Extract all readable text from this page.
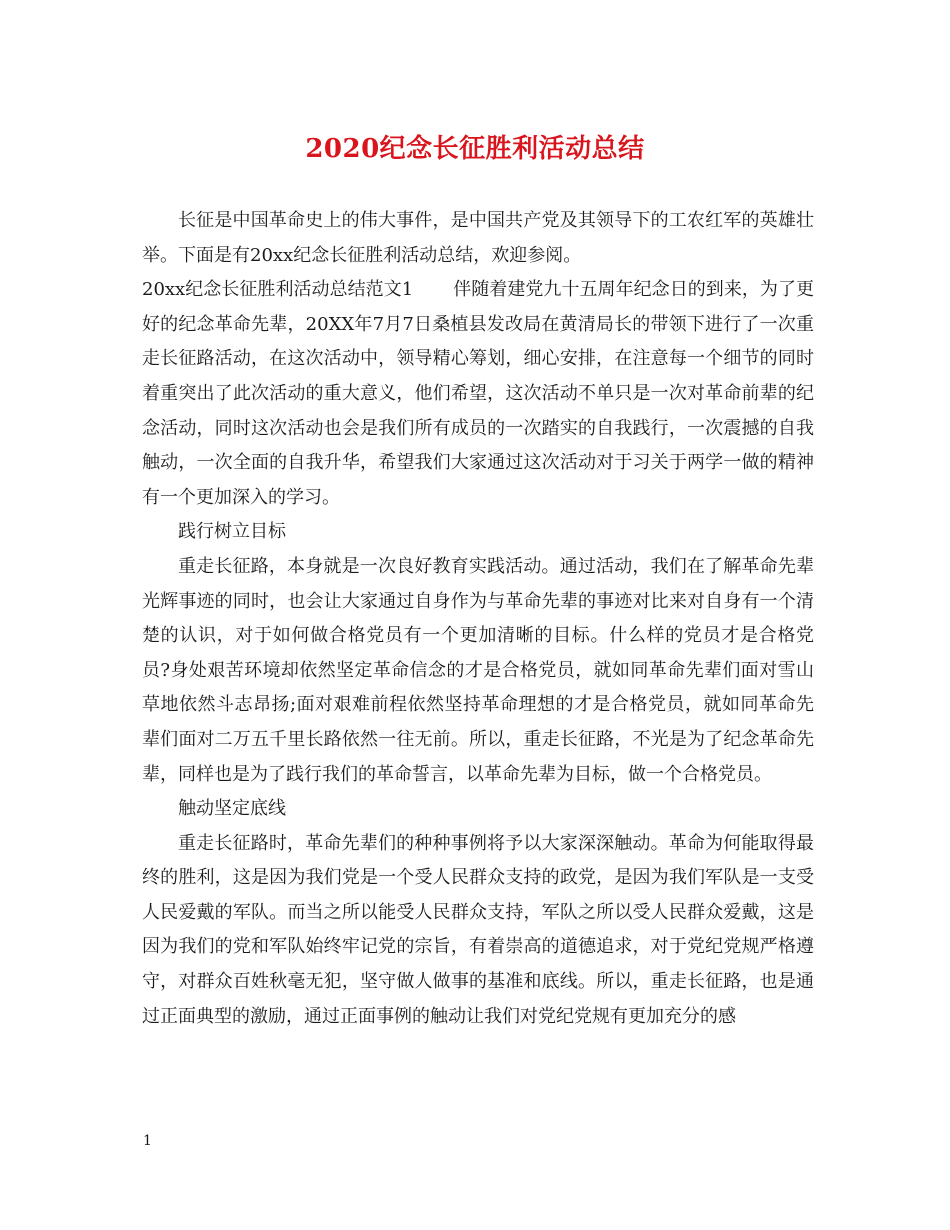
2020纪念长征胜利活动总结

长征是中国革命史上的伟大事件，是中国共产党及其领导下的工农红军的英雄壮举。下面是有20xx纪念长征胜利活动总结，欢迎参阅。

20xx纪念长征胜利活动总结范文1 伴随着建党九十五周年纪念日的到来，为了更好的纪念革命先辈，20XX年7月7日桑植县发改局在黄清局长的带领下进行了一次重走长征路活动，在这次活动中，领导精心筹划，细心安排，在注意每一个细节的同时着重突出了此次活动的重大意义，他们希望，这次活动不单只是一次对革命前辈的纪念活动，同时这次活动也会是我们所有成员的一次踏实的自我践行，一次震撼的自我触动，一次全面的自我升华，希望我们大家通过这次活动对于习关于两学一做的精神有一个更加深入的学习。

践行树立目标

重走长征路，本身就是一次良好教育实践活动。通过活动，我们在了解革命先辈光辉事迹的同时，也会让大家通过自身作为与革命先辈的事迹对比来对自身有一个清楚的认识，对于如何做合格党员有一个更加清晰的目标。什么样的党员才是合格党员?身处艰苦环境却依然坚定革命信念的才是合格党员，就如同革命先辈们面对雪山草地依然斗志昂扬;面对艰难前程依然坚持革命理想的才是合格党员，就如同革命先辈们面对二万五千里长路依然一往无前。所以，重走长征路，不光是为了纪念革命先辈，同样也是为了践行我们的革命誓言，以革命先辈为目标，做一个合格党员。

触动坚定底线

重走长征路时，革命先辈们的种种事例将予以大家深深触动。革命为何能取得最终的胜利，这是因为我们党是一个受人民群众支持的政党，是因为我们军队是一支受人民爱戴的军队。而当之所以能受人民群众支持，军队之所以受人民群众爱戴，这是因为我们的党和军队始终牢记党的宗旨，有着崇高的道德追求，对于党纪党规严格遵守，对群众百姓秋毫无犯，坚守做人做事的基准和底线。所以，重走长征路，也是通过正面典型的激励，通过正面事例的触动让我们对党纪党规有更加充分的感

1
